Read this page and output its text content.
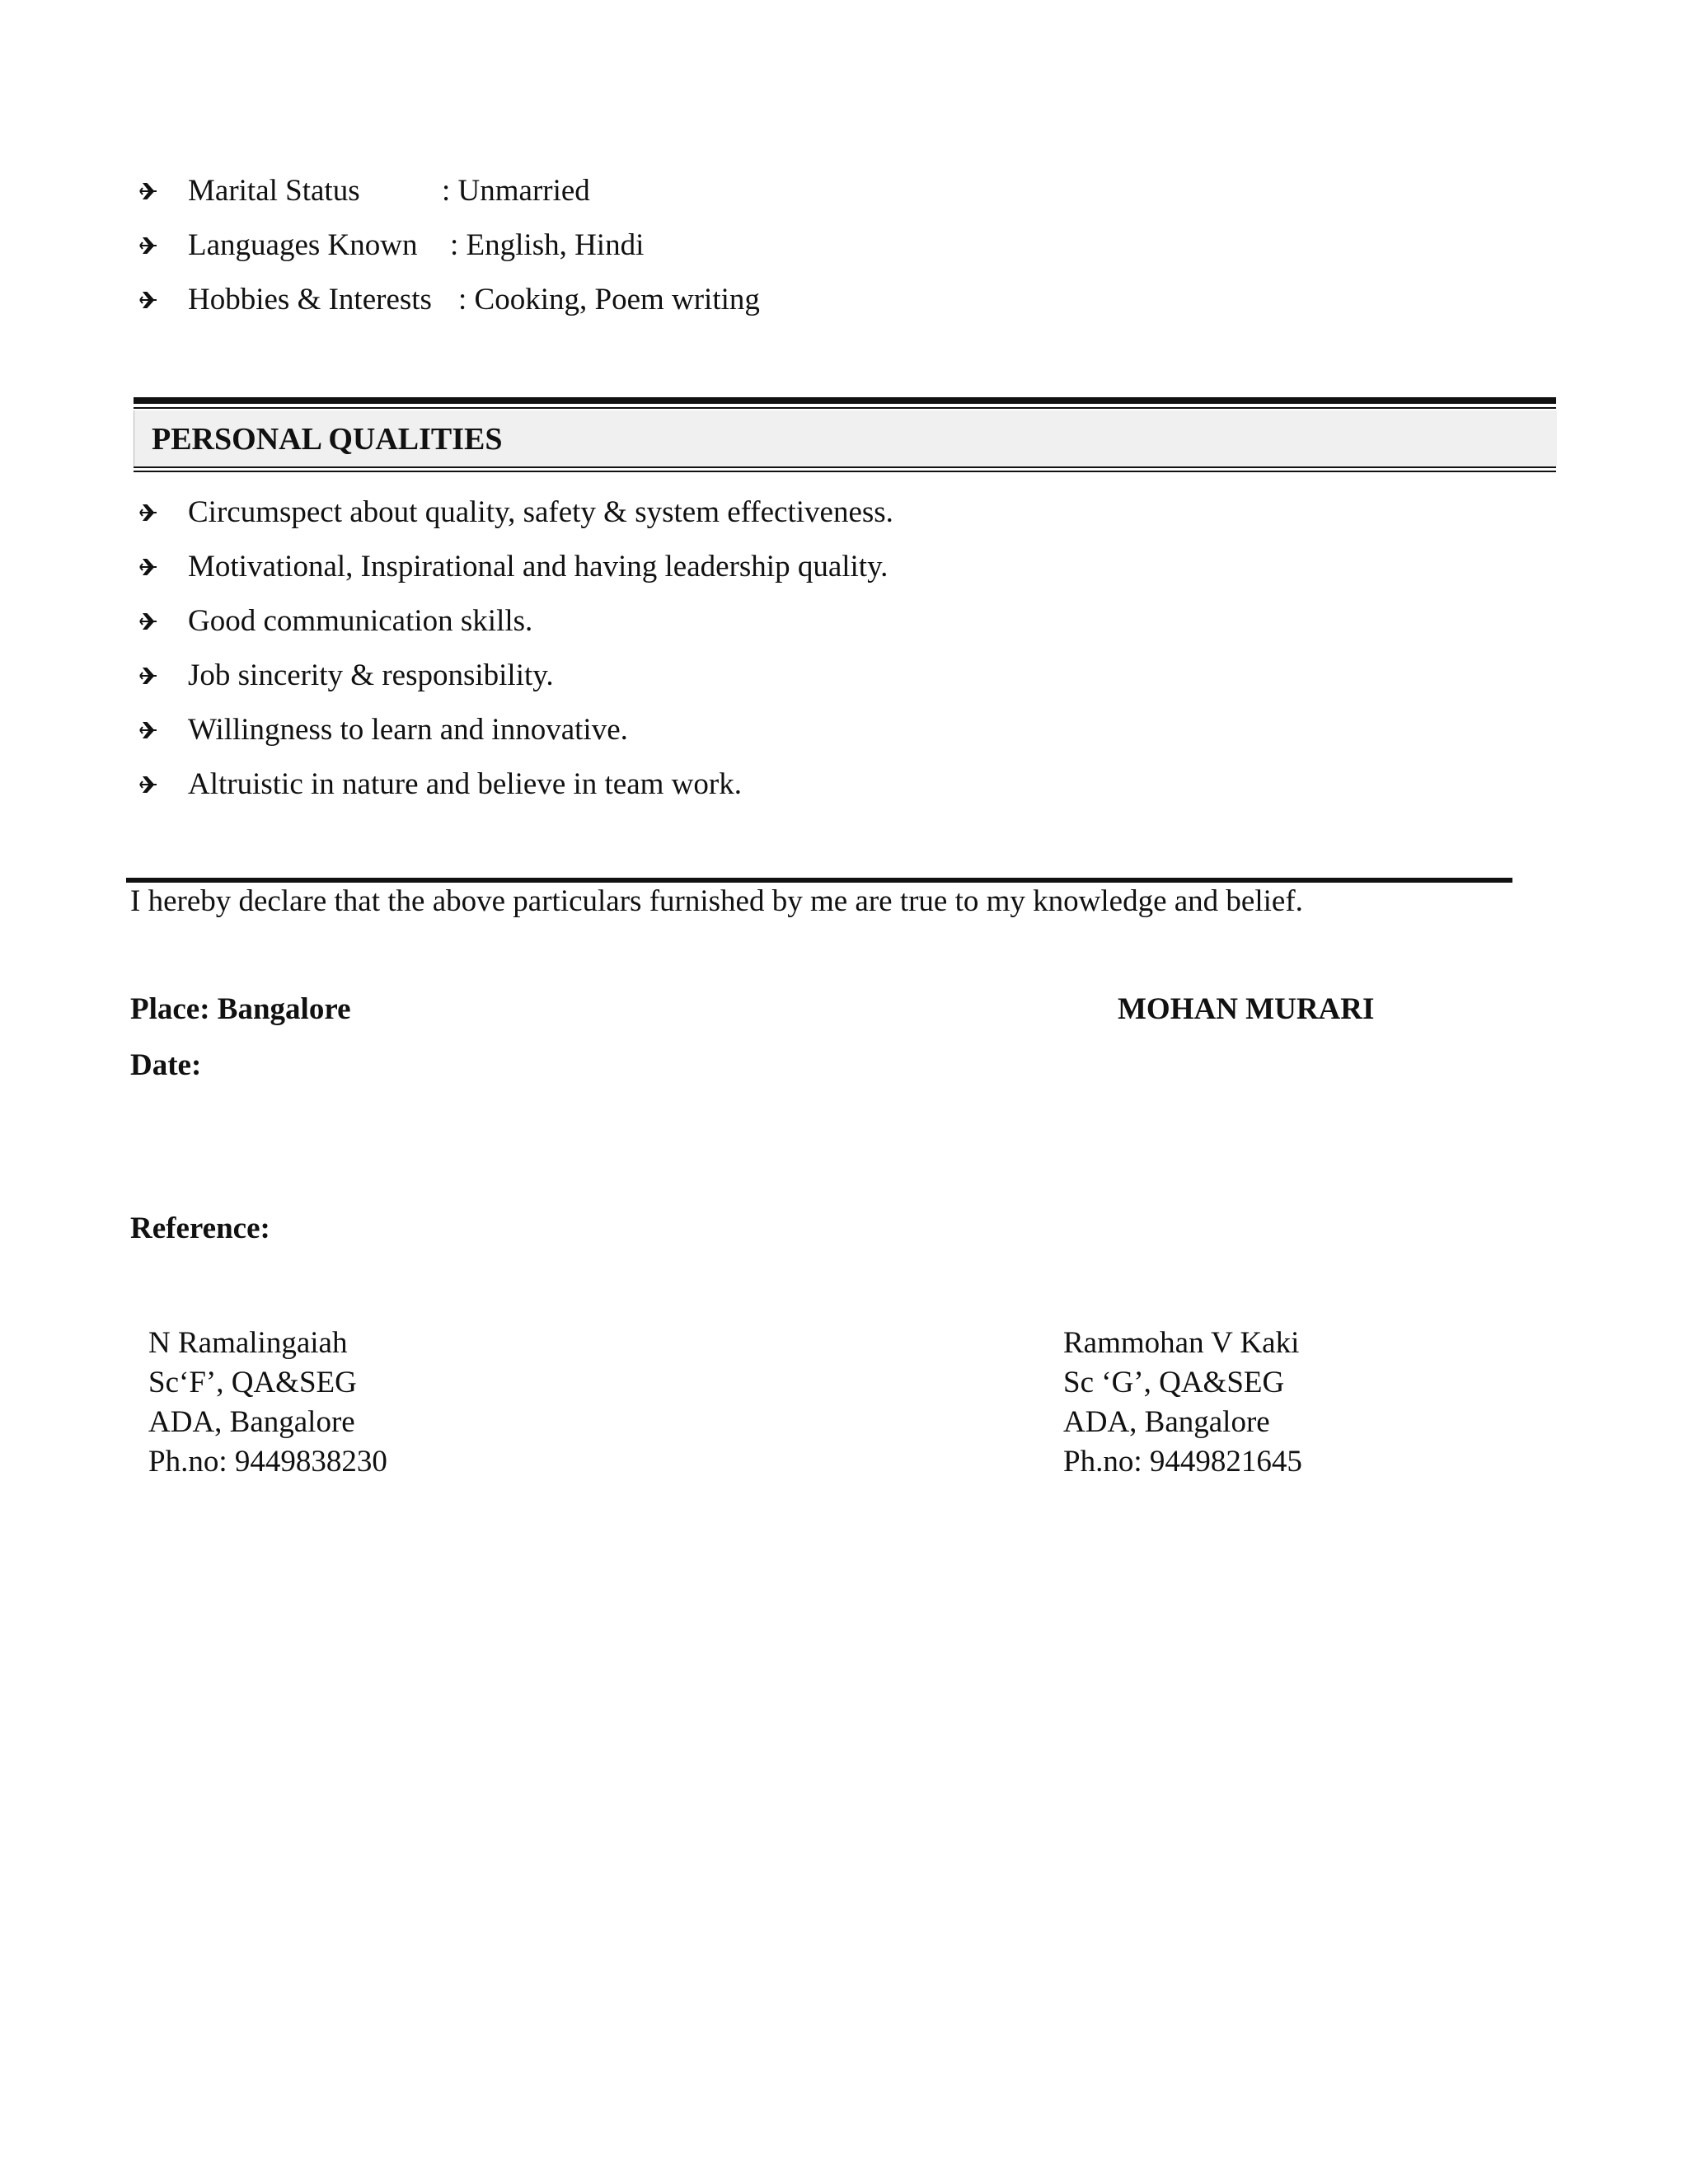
Marital Status	: Unmarried
Languages Known : English, Hindi
Hobbies & Interests : Cooking, Poem writing
PERSONAL QUALITIES
Circumspect about quality, safety & system effectiveness.
Motivational, Inspirational and having leadership quality.
Good communication skills.
Job sincerity & responsibility.
Willingness to learn and innovative.
Altruistic in nature and believe in team work.
I hereby declare that the above particulars furnished by me are true to my knowledge and belief.
Place: Bangalore	MOHAN MURARI
Date:
Reference:
N Ramalingaiah
Sc‘F’, QA&SEG
ADA, Bangalore
Ph.no: 9449838230
Rammohan V Kaki
Sc ‘G’, QA&SEG
ADA, Bangalore
Ph.no: 9449821645
